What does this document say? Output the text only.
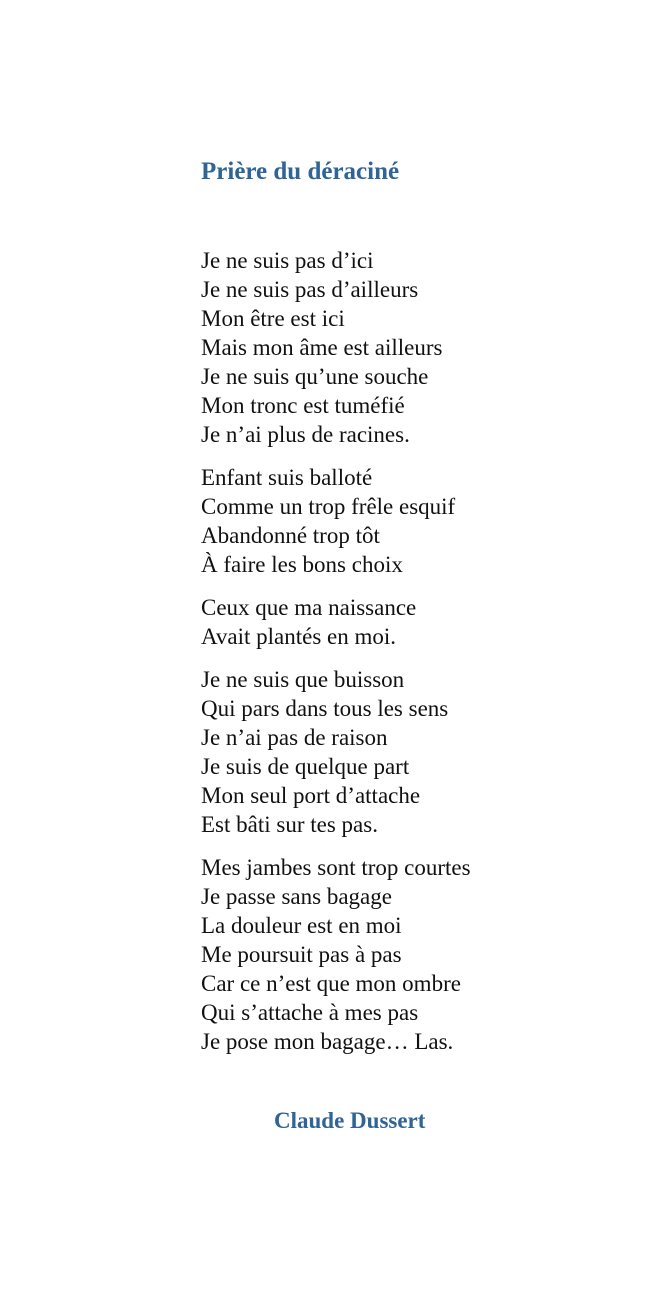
Prière du déraciné
Je ne suis pas d’ici
Je ne suis pas d’ailleurs
Mon être est ici
Mais mon âme est ailleurs
Je ne suis qu’une souche
Mon tronc est tuméfié
Je n’ai plus de racines.
Enfant suis balloté
Comme un trop frêle esquif
Abandonné trop tôt
À faire les bons choix
Ceux que ma naissance
Avait plantés en moi.
Je ne suis que buisson
Qui pars dans tous les sens
Je n’ai pas de raison
Je suis de quelque part
Mon seul port d’attache
Est bâti sur tes pas.
Mes jambes sont trop courtes
Je passe sans bagage
La douleur est en moi
Me poursuit pas à pas
Car ce n’est que mon ombre
Qui s’attache à mes pas
Je pose mon bagage… Las.

Claude Dussert
